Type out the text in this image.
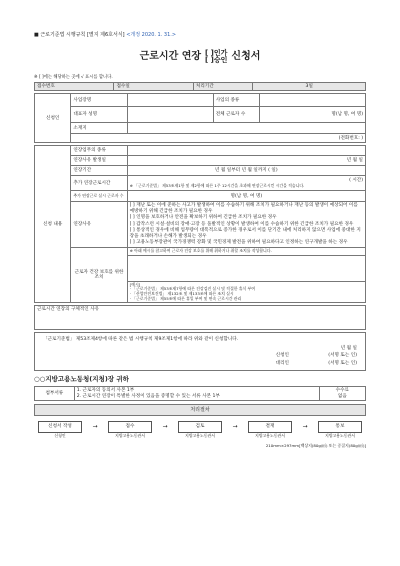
■ 근로기준법 시행규칙 [별지 제6호서식] <개정 2020. 1. 31.>
근로시간 연장 [ ]인가
[ ]승인 신청서
※ [ ]에는 해당하는 곳에 √ 표시를 합니다.
접수번호	접수일	처리기간	3일
신청인	사업장명		사업의 종류	
	대표자 성명		전체 근로자 수	명(남 명, 여 명)
	소재지			
	(전화번호: )			
신청 내용	연장업무의 종류	
	연장사유 발생일	년 월 일
	연장기간	년 월 일부터 년 월 일까지 ( 일)
	추가 연장근로시간	( 시간)
※ 「근로기준법」 제53조제1항 및 제2항에 따른 1주 12시간을 초과해 연장근로시킨 시간을 적습니다.

	추가 연장근로 실시 근로자 수	명(남 명, 여 명)
	연장사유	[ ] 재난 또는 이에 준하는 사고가 발생하여 이를 수습하기 위해 조치가 필요하거나 재난 등의 발생이 예상되어 이를 예방하기 위해 긴급한 조치가 필요한 경우
[ ] 인명을 보호하거나 안전을 확보하기 위하여 긴급한 조치가 필요한 경우
[ ] 갑작스런 시설·설비의 장애·고장 등 돌발적인 상황이 발생하여 이를 수습하기 위한 긴급한 조치가 필요한 경우
[ ] 통상적인 경우에 비해 업무량이 대폭적으로 증가한 경우로서 이를 단기간 내에 처리하지 않으면 사업에 중대한 지장을 초래하거나 손해가 발생되는 경우
[ ] 고용노동부장관이 국가경쟁력 강화 및 국민경제 발전을 위하여 필요하다고 인정하는 연구개발을 하는 경우

	근로자 건강 보호를 위한 조치	※ 아래 예시를 참고하여 근로자 건강 보호를 위해 취하거나 취할 조치를 작성합니다.

		[예시]
· 「근로기준법」 제53조제7항에 따른 건강검진 실시 및 적절한 휴식 부여
· 「산업안전보건법」 제132조 및 제133조에 따른 조치 실시
· 「근로기준법」 제55조에 따른 휴일 부여 및 연속 근로시간 관리
근로시간 연장의 구체적인 사유
「근로기준법」 제53조제4항에 따른 같은 법 시행규칙 제9조제1항에 따라 위와 같이 신청합니다.
년 월 일
신청인	(서명 또는 인)
대리인	(서명 또는 인)
○○지방고용노동청(지청)장 귀하
첨부서류	
1. 근로자의 동의서 사본 1부
2. 근로시간 연장이 특별한 사정이 있음을 증명할 수 있는 서류 사본 1부

수수료
없음
처리절차
신청서 작성
신청인
→	접수
지방고용노동관서
→	검토
지방고용노동관서
→	결재
지방고용노동관서
→	통보
지방고용노동관서
210mm×297mm[백상지(80g/㎡) 또는 중질지(80g/㎡)]
